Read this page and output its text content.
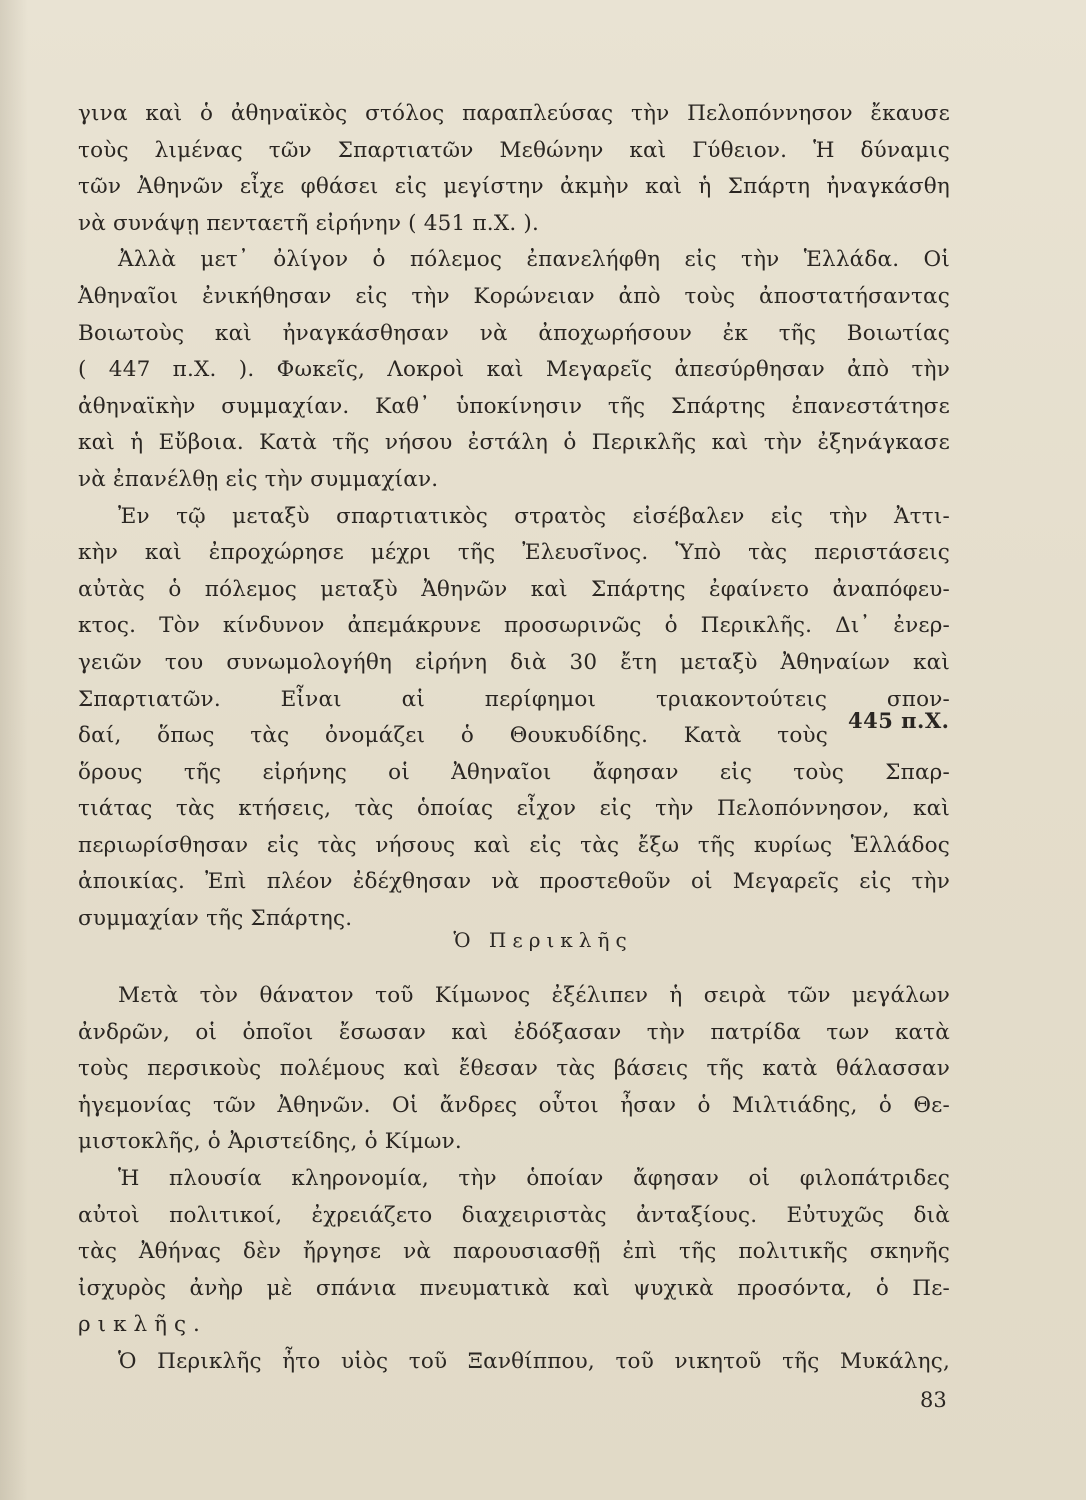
γινα καὶ ὁ ἀθηναϊκὸς στόλος παραπλεύσας τὴν Πελοπόννησον ἔκαυσε
τοὺς λιμένας τῶν Σπαρτιατῶν Μεθώνην καὶ Γύθειον. Ἡ δύναμις
τῶν Ἀθηνῶν εἶχε φθάσει εἰς μεγίστην ἀκμὴν καὶ ἡ Σπάρτη ἠναγκάσθη
νὰ συνάψῃ πενταετῆ εἰρήνην ( 451 π.Χ. ).
Ἀλλὰ μετ᾽ ὀλίγον ὁ πόλεμος ἐπανελήφθη εἰς τὴν Ἑλλάδα. Οἱ
Ἀθηναῖοι ἐνικήθησαν εἰς τὴν Κορώνειαν ἀπὸ τοὺς ἀποστατήσαντας
Βοιωτοὺς καὶ ἠναγκάσθησαν νὰ ἀποχωρήσουν ἐκ τῆς Βοιωτίας
( 447 π.Χ. ). Φωκεῖς, Λοκροὶ καὶ Μεγαρεῖς ἀπεσύρθησαν ἀπὸ τὴν
ἀθηναϊκὴν συμμαχίαν. Καθ᾽ ὑποκίνησιν τῆς Σπάρτης ἐπανεστάτησε
καὶ ἡ Εὔβοια. Κατὰ τῆς νήσου ἐστάλη ὁ Περικλῆς καὶ τὴν ἐξηνάγκασε
νὰ ἐπανέλθῃ εἰς τὴν συμμαχίαν.
Ἐν τῷ μεταξὺ σπαρτιατικὸς στρατὸς εἰσέβαλεν εἰς τὴν Ἀττι-
κὴν καὶ ἐπροχώρησε μέχρι τῆς Ἐλευσῖνος. Ὑπὸ τὰς περιστάσεις
αὐτὰς ὁ πόλεμος μεταξὺ Ἀθηνῶν καὶ Σπάρτης ἐφαίνετο ἀναπόφευ-
κτος. Τὸν κίνδυνον ἀπεμάκρυνε προσωρινῶς ὁ Περικλῆς. Δι᾽ ἐνερ-
γειῶν του συνωμολογήθη εἰρήνη διὰ 30 ἔτη μεταξὺ Ἀθηναίων καὶ
Σπαρτιατῶν. Εἶναι αἱ περίφημοι τριακοντούτεις σπον-
δαί, ὅπως τὰς ὀνομάζει ὁ Θουκυδίδης. Κατὰ τοὺς
ὅρους τῆς εἰρήνης οἱ Ἀθηναῖοι ἄφησαν εἰς τοὺς Σπαρ-
τιάτας τὰς κτήσεις, τὰς ὁποίας εἶχον εἰς τὴν Πελοπόννησον, καὶ
περιωρίσθησαν εἰς τὰς νήσους καὶ εἰς τὰς ἔξω τῆς κυρίως Ἑλλάδος
ἀποικίας. Ἐπὶ πλέον ἐδέχθησαν νὰ προστεθοῦν οἱ Μεγαρεῖς εἰς τὴν
συμμαχίαν τῆς Σπάρτης.
445 π.Χ.
Ὁ Περικλῆς
Μετὰ τὸν θάνατον τοῦ Κίμωνος ἐξέλιπεν ἡ σειρὰ τῶν μεγάλων
ἀνδρῶν, οἱ ὁποῖοι ἔσωσαν καὶ ἐδόξασαν τὴν πατρίδα των κατὰ
τοὺς περσικοὺς πολέμους καὶ ἔθεσαν τὰς βάσεις τῆς κατὰ θάλασσαν
ἡγεμονίας τῶν Ἀθηνῶν. Οἱ ἄνδρες οὗτοι ἦσαν ὁ Μιλτιάδης, ὁ Θε-
μιστοκλῆς, ὁ Ἀριστείδης, ὁ Κίμων.
Ἡ πλουσία κληρονομία, τὴν ὁποίαν ἄφησαν οἱ φιλοπάτριδες
αὐτοὶ πολιτικοί, ἐχρειάζετο διαχειριστὰς ἀνταξίους. Εὐτυχῶς διὰ
τὰς Ἀθήνας δὲν ἤργησε νὰ παρουσιασθῇ ἐπὶ τῆς πολιτικῆς σκηνῆς
ἰσχυρὸς ἀνὴρ μὲ σπάνια πνευματικὰ καὶ ψυχικὰ προσόντα, ὁ Πε-
ρικλῆς.
Ὁ Περικλῆς ἦτο υἱὸς τοῦ Ξανθίππου, τοῦ νικητοῦ τῆς Μυκάλης,
83
